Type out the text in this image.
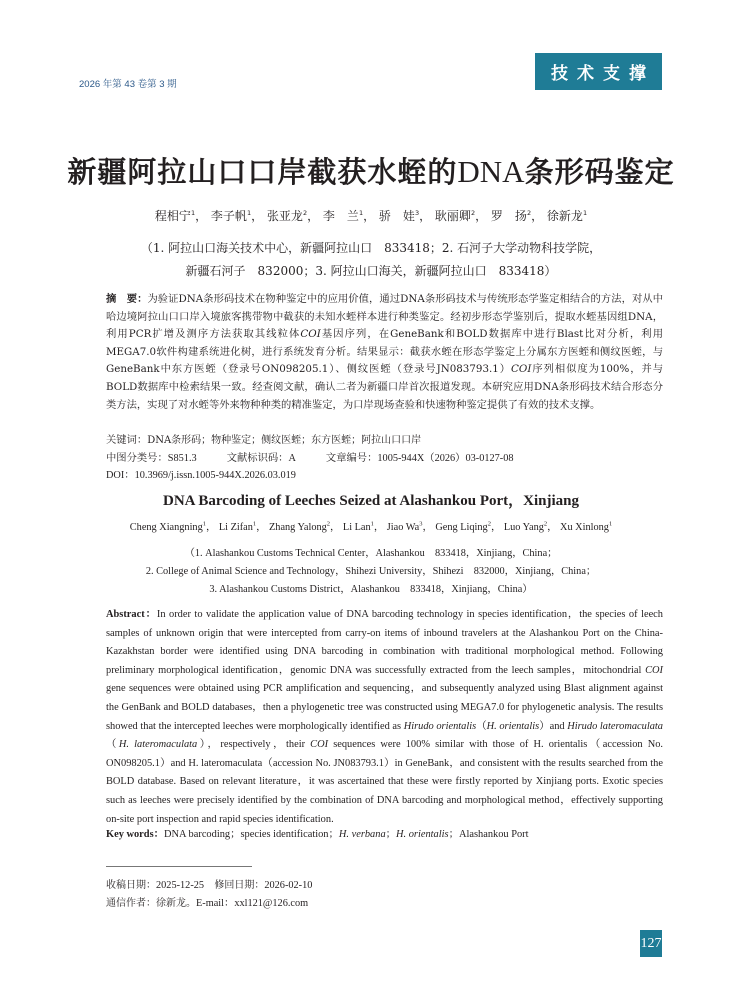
2026 年第 43 卷第 3 期
技术支撑
新疆阿拉山口口岸截获水蛭的DNA条形码鉴定
程相宁$^1$， 李子帆$^1$， 张亚龙$^2$， 李　兰$^1$， 骄　娃$^3$， 耿丽卿$^2$， 罗　扬$^2$， 徐新龙$^1$
（1. 阿拉山口海关技术中心，新疆阿拉山口　833418；2. 石河子大学动物科技学院，
新疆石河子　832000；3. 阿拉山口海关，新疆阿拉山口　833418）
摘　要：为验证DNA条形码技术在物种鉴定中的应用价值，通过DNA条形码技术与传统形态学鉴定相结合的方法，对从中哈边境阿拉山口口岸入境旅客携带物中截获的未知水蛭样本进行种类鉴定。经初步形态学鉴别后，提取水蛭基因组DNA，利用PCR扩增及测序方法获取其线粒体COI基因序列，在GeneBank和BOLD数据库中进行Blast比对分析，利用MEGA7.0软件构建系统进化树，进行系统发育分析。结果显示：截获水蛭在形态学鉴定上分属东方医蛭和侧纹医蛭，与GeneBank中东方医蛭（登录号ON098205.1）、侧纹医蛭（登录号JN083793.1）COI序列相似度为100%，并与BOLD数据库中检索结果一致。经查阅文献，确认二者为新疆口岸首次报道发现。本研究应用DNA条形码技术结合形态分类方法，实现了对水蛭等外来物种种类的精准鉴定，为口岸现场查验和快速物种鉴定提供了有效的技术支撑。
关键词：DNA条形码；物种鉴定；侧纹医蛭；东方医蛭；阿拉山口口岸
中图分类号：S851.3	文献标识码：A	文章编号：1005-944X（2026）03-0127-08
DOI：10.3969/j.issn.1005-944X.2026.03.019
DNA Barcoding of Leeches Seized at Alashankou Port，Xinjiang
Cheng Xiangning$^1$， Li Zifan$^1$， Zhang Yalong$^2$， Li Lan$^1$， Jiao Wa$^3$， Geng Liqing$^2$， Luo Yang$^2$， Xu Xinlong$^1$
（1. Alashankou Customs Technical Center，Alashankou　833418，Xinjiang，China；
2. College of Animal Science and Technology，Shihezi University，Shihezi　832000，Xinjiang，China；
3. Alashankou Customs District，Alashankou　833418，Xinjiang，China）
Abstract：In order to validate the application value of DNA barcoding technology in species identification，the species of leech samples of unknown origin that were intercepted from carry-on items of inbound travelers at the Alashankou Port on the China-Kazakhstan border were identified using DNA barcoding in combination with traditional morphological method. Following preliminary morphological identification，genomic DNA was successfully extracted from the leech samples，mitochondrial COI gene sequences were obtained using PCR amplification and sequencing，and subsequently analyzed using Blast alignment against the GenBank and BOLD databases，then a phylogenetic tree was constructed using MEGA7.0 for phylogenetic analysis. The results showed that the intercepted leeches were morphologically identified as Hirudo orientalis（H. orientalis）and Hirudo lateromaculata（H. lateromaculata），respectively，their COI sequences were 100% similar with those of H. orientalis（accession No. ON098205.1）and H. lateromaculata（accession No. JN083793.1）in GeneBank，and consistent with the results searched from the BOLD database. Based on relevant literature，it was ascertained that these were firstly reported by Xinjiang ports. Exotic species such as leeches were precisely identified by the combination of DNA barcoding and morphological method，effectively supporting on-site port inspection and rapid species identification.
Key words：DNA barcoding；species identification；H. verbana；H. orientalis；Alashankou Port
收稿日期：2025-12-25　 修回日期：2026-02-10
通信作者：徐新龙。E-mail：xxl121@126.com
127
